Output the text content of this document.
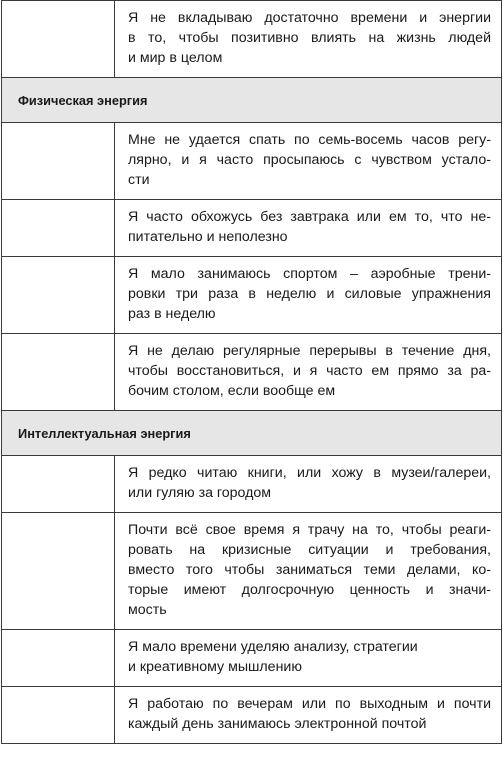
	Я не вкладываю достаточно времени и энергии
в то, чтобы позитивно влиять на жизнь людей
и мир в целом

Физическая энергия	

	Мне не удается спать по семь-восемь часов регу-
лярно, и я часто просыпаюсь с чувством устало-
сти

	Я часто обхожусь без завтрака или ем то, что не-
питательно и неполезно

	Я мало занимаюсь спортом – аэробные трени-
ровки три раза в неделю и силовые упражнения
раз в неделю

	Я не делаю регулярные перерывы в течение дня,
чтобы восстановиться, и я часто ем прямо за ра-
бочим столом, если вообще ем

Интеллектуальная энергия	

	Я редко читаю книги, или хожу в музеи/галереи,
или гуляю за городом

	Почти всё свое время я трачу на то, чтобы реаги-
ровать на кризисные ситуации и требования,
вместо того чтобы заниматься теми делами, ко-
торые имеют долгосрочную ценность и значи-
мость

	Я мало времени уделяю анализу, стратегии
и креативному мышлению

	Я работаю по вечерам или по выходным и почти
каждый день занимаюсь электронной почтой
